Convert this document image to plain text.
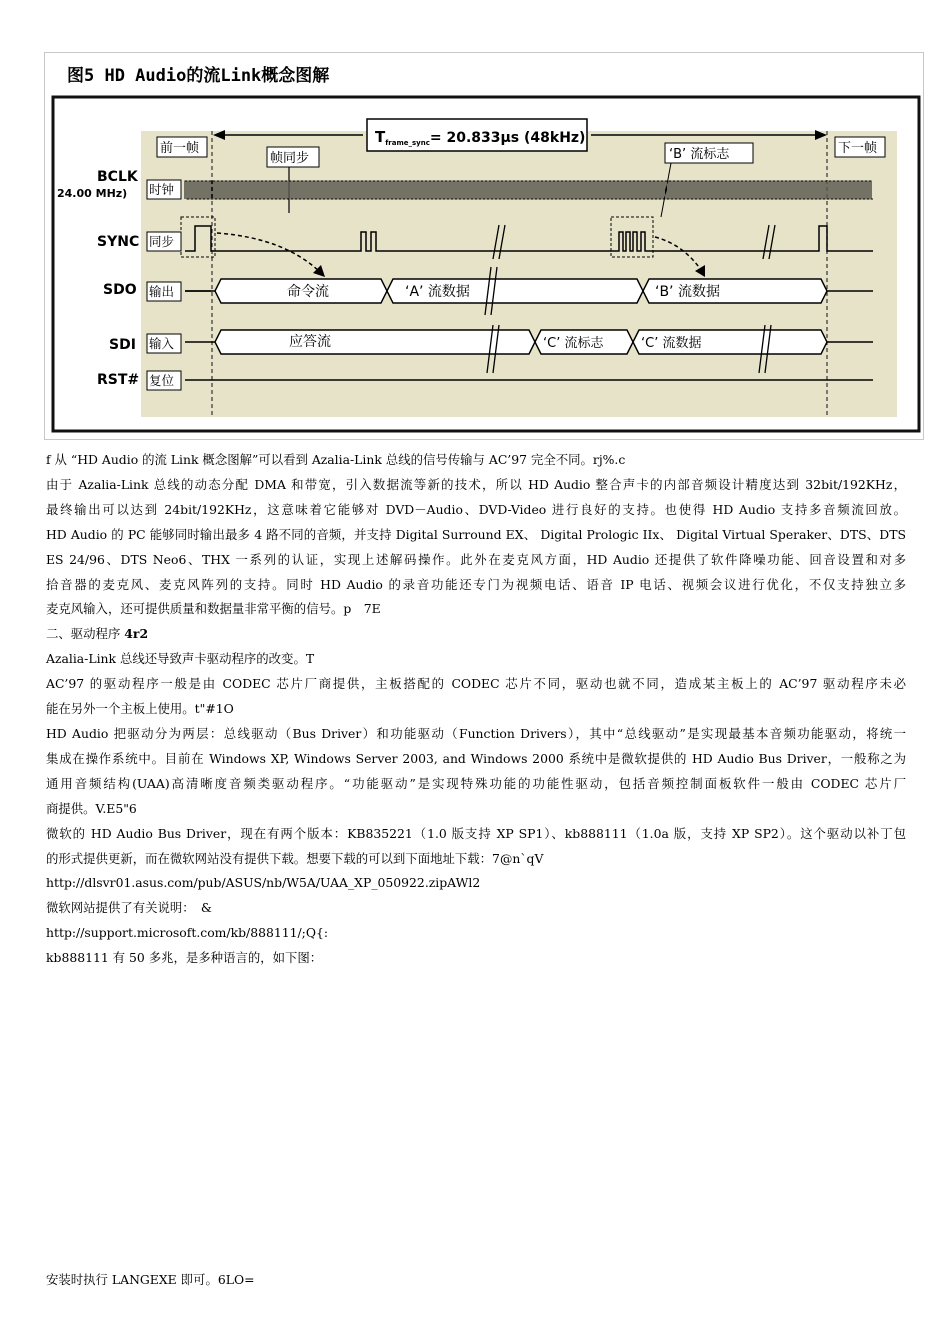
图5 HD Audio的流Link概念图解
$T_{frame\_sync}= 20.833\mu s$ (48kHz)
前一帧
帧同步	‘B’ 流标志	下一帧
BCLK
24.00 MHz)
SYNC
SDO
SDI
RST#
时钟
同步
输出
输入
复位
命令流	‘A’ 流数据	‘B’ 流数据
应答流	‘C’ 流标志	‘C’ 流数据

f 从 “HD Audio 的流 Link 概念图解”可以看到 Azalia-Link 总线的信号传输与 AC’97 完全不同。rj%.c

由于 Azalia-Link 总线的动态分配 DMA 和带宽，引入数据流等新的技术，所以 HD Audio 整合声卡的内部音频设计精度达到 32bit/192KHz，

最终输出可以达到 24bit/192KHz，这意味着它能够对 DVD－Audio、DVD-Video 进行良好的支持。也使得 HD Audio 支持多音频流回放。

HD Audio 的 PC 能够同时输出最多 4 路不同的音频，并支持 Digital Surround EX、 Digital Prologic IIx、 Digital Virtual Speraker、DTS、DTS

ES 24/96、DTS Neo6、THX 一系列的认证，实现上述解码操作。此外在麦克风方面，HD Audio 还提供了软件降噪功能、回音设置和对多

拾音器的麦克风、麦克风阵列的支持。同时 HD Audio 的录音功能还专门为视频电话、语音 IP 电话、视频会议进行优化，不仅支持独立多

麦克风输入，还可提供质量和数据量非常平衡的信号。p　7E

二、驱动程序 4r2

Azalia-Link 总线还导致声卡驱动程序的改变。T

AC’97 的驱动程序一般是由 CODEC 芯片厂商提供，主板搭配的 CODEC 芯片不同，驱动也就不同，造成某主板上的 AC’97 驱动程序未必

能在另外一个主板上使用。t"#1O

HD Audio 把驱动分为两层：总线驱动（Bus Driver）和功能驱动（Function Drivers），其中“总线驱动”是实现最基本音频功能驱动，将统一

集成在操作系统中。目前在 Windows XP, Windows Server 2003, and Windows 2000 系统中是微软提供的 HD Audio Bus Driver，一般称之为

通用音频结构(UAA)高清晰度音频类驱动程序。“功能驱动”是实现特殊功能的功能性驱动，包括音频控制面板软件一般由 CODEC 芯片厂

商提供。V.E5"6

微软的 HD Audio Bus Driver，现在有两个版本：KB835221（1.0 版支持 XP SP1）、kb888111（1.0a 版，支持 XP SP2）。这个驱动以补丁包

的形式提供更新，而在微软网站没有提供下载。想要下载的可以到下面地址下载：7@n`qV

http://dlsvr01.asus.com/pub/ASUS/nb/W5A/UAA_XP_050922.zipAWl2

微软网站提供了有关说明：　&

http://support.microsoft.com/kb/888111/;Q{:

kb888111 有 50 多兆，是多种语言的，如下图：

安装时执行 LANGEXE 即可。6LO=
